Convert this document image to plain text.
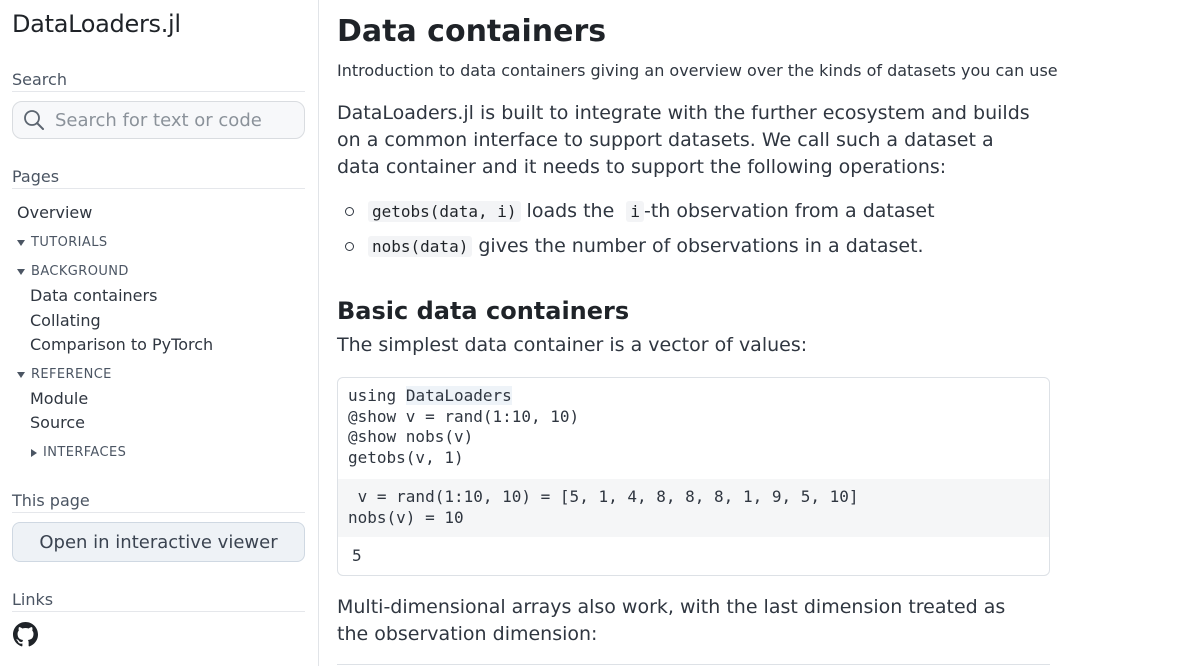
DataLoaders.jl
Search
Search for text or code
Pages
Overview
TUTORIALS
BACKGROUND
Data containers
Collating
Comparison to PyTorch
REFERENCE
Module
Source
INTERFACES
This page
Open in interactive viewer
Links
Data containers
Introduction to data containers giving an overview over the kinds of datasets you can use

DataLoaders.jl is built to integrate with the further ecosystem and builds on a common interface to support datasets. We call such a dataset a data container and it needs to support the following operations:

getobs(data, i) loads the
i -th observation from a dataset
nobs(data) gives the number of observations in a dataset.
Basic data containers

The simplest data container is a vector of values:

using DataLoaders
@show v = rand(1:10, 10)
@show nobs(v)
getobs(v, 1)
v = rand(1:10, 10) = [5, 1, 4, 8, 8, 8, 1, 9, 5, 10]
nobs(v) = 10
5

Multi-dimensional arrays also work, with the last dimension treated as the observation dimension:
